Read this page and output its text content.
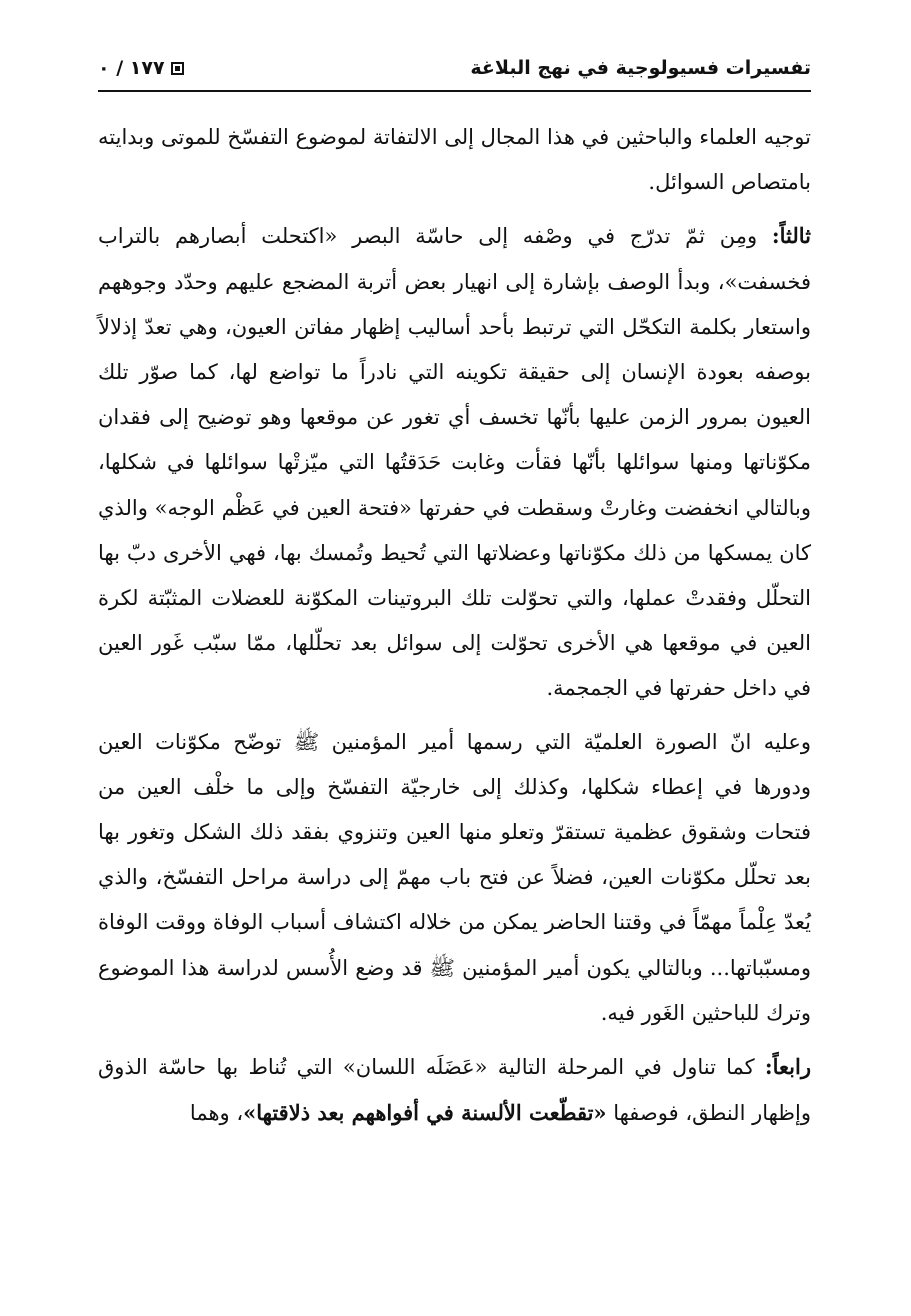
تفسيرات فسيولوجية في نهج البلاغة
١٧٧ / ٠

توجيه العلماء والباحثين في هذا المجال إلى الالتفاتة لموضوع التفسّخ للموتى وبدايته بامتصاص السوائل.

ثالثاً: ومِن ثمّ تدرّج في وصْفه إلى حاسّة البصر «اكتحلت أبصارهم بالتراب فخسفت»، وبدأ الوصف بإشارة إلى انهيار بعض أتربة المضجع عليهم وحدّد وجوههم واستعار بكلمة التكحّل التي ترتبط بأحد أساليب إظهار مفاتن العيون، وهي تعدّ إذلالاً بوصفه بعودة الإنسان إلى حقيقة تكوينه التي نادراً ما تواضع لها، كما صوّر تلك العيون بمرور الزمن عليها بأنّها تخسف أي تغور عن موقعها وهو توضيح إلى فقدان مكوّناتها ومنها سوائلها بأنّها فقأت وغابت حَدَقتُها التي ميّزتْها سوائلها في شكلها، وبالتالي انخفضت وغارتْ وسقطت في حفرتها «فتحة العين في عَظْم الوجه» والذي كان يمسكها من ذلك مكوّناتها وعضلاتها التي تُحيط وتُمسك بها، فهي الأخرى دبّ بها التحلّل وفقدتْ عملها، والتي تحوّلت تلك البروتينات المكوّنة للعضلات المثبّتة لكرة العين في موقعها هي الأخرى تحوّلت إلى سوائل بعد تحلّلها، ممّا سبّب غَور العين في داخل حفرتها في الجمجمة.

وعليه انّ الصورة العلميّة التي رسمها أمير المؤمنين ﷺ توضّح مكوّنات العين ودورها في إعطاء شكلها، وكذلك إلى خارجيّة التفسّخ وإلى ما خلْف العين من فتحات وشقوق عظمية تستقرّ وتعلو منها العين وتنزوي بفقد ذلك الشكل وتغور بها بعد تحلّل مكوّنات العين، فضلاً عن فتح باب مهمّ إلى دراسة مراحل التفسّخ، والذي يُعدّ عِلْماً مهمّاً في وقتنا الحاضر يمكن من خلاله اكتشاف أسباب الوفاة ووقت الوفاة ومسبّباتها... وبالتالي يكون أمير المؤمنين ﷺ قد وضع الأُسس لدراسة هذا الموضوع وترك للباحثين الغَور فيه.

رابعاً: كما تناول في المرحلة التالية «عَضَلَه اللسان» التي تُناط بها حاسّة الذوق وإظهار النطق، فوصفها «تقطّعت الألسنة في أفواههم بعد ذلاقتها»، وهما
